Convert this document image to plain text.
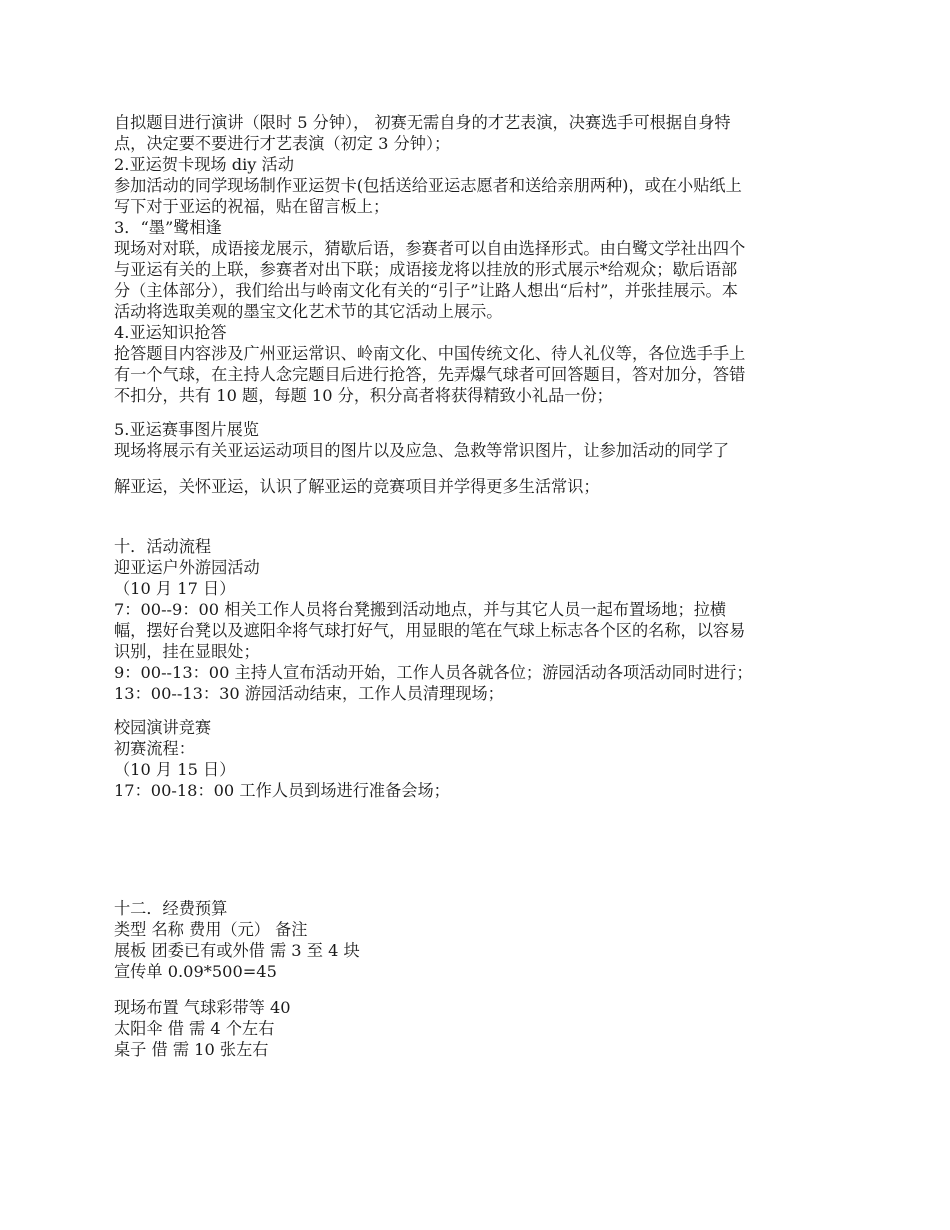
自拟题目进行演讲（限时 5 分钟）， 初赛无需自身的才艺表演，决赛选手可根据自身特
点，决定要不要进行才艺表演（初定 3 分钟）；
2.亚运贺卡现场 diy 活动
参加活动的同学现场制作亚运贺卡(包括送给亚运志愿者和送给亲朋两种)，或在小贴纸上
写下对于亚运的祝福，贴在留言板上；
3．“墨”鹭相逢
现场对对联，成语接龙展示，猜歇后语，参赛者可以自由选择形式。由白鹭文学社出四个
与亚运有关的上联，参赛者对出下联；成语接龙将以挂放的形式展示*给观众；歇后语部
分（主体部分），我们给出与岭南文化有关的“引子”让路人想出“后村”，并张挂展示。本
活动将选取美观的墨宝文化艺术节的其它活动上展示。
4.亚运知识抢答
抢答题目内容涉及广州亚运常识、岭南文化、中国传统文化、待人礼仪等，各位选手手上
有一个气球，在主持人念完题目后进行抢答，先弄爆气球者可回答题目，答对加分，答错
不扣分，共有 10 题，每题 10 分，积分高者将获得精致小礼品一份；
5.亚运赛事图片展览
现场将展示有关亚运运动项目的图片以及应急、急救等常识图片，让参加活动的同学了
解亚运，关怀亚运，认识了解亚运的竞赛项目并学得更多生活常识；
十．活动流程
迎亚运户外游园活动
（10 月 17 日）
7：00--9：00 相关工作人员将台凳搬到活动地点，并与其它人员一起布置场地；拉横
幅，摆好台凳以及遮阳伞将气球打好气，用显眼的笔在气球上标志各个区的名称，以容易
识别，挂在显眼处；
9：00--13：00 主持人宣布活动开始，工作人员各就各位；游园活动各项活动同时进行；
13：00--13：30 游园活动结束，工作人员清理现场；
校园演讲竞赛
初赛流程：
（10 月 15 日）
17：00-18：00 工作人员到场进行准备会场；
十二．经费预算
类型 名称 费用（元） 备注
展板 团委已有或外借 需 3 至 4 块
宣传单 0.09*500=45
现场布置 气球彩带等 40
太阳伞 借 需 4 个左右
桌子 借 需 10 张左右
